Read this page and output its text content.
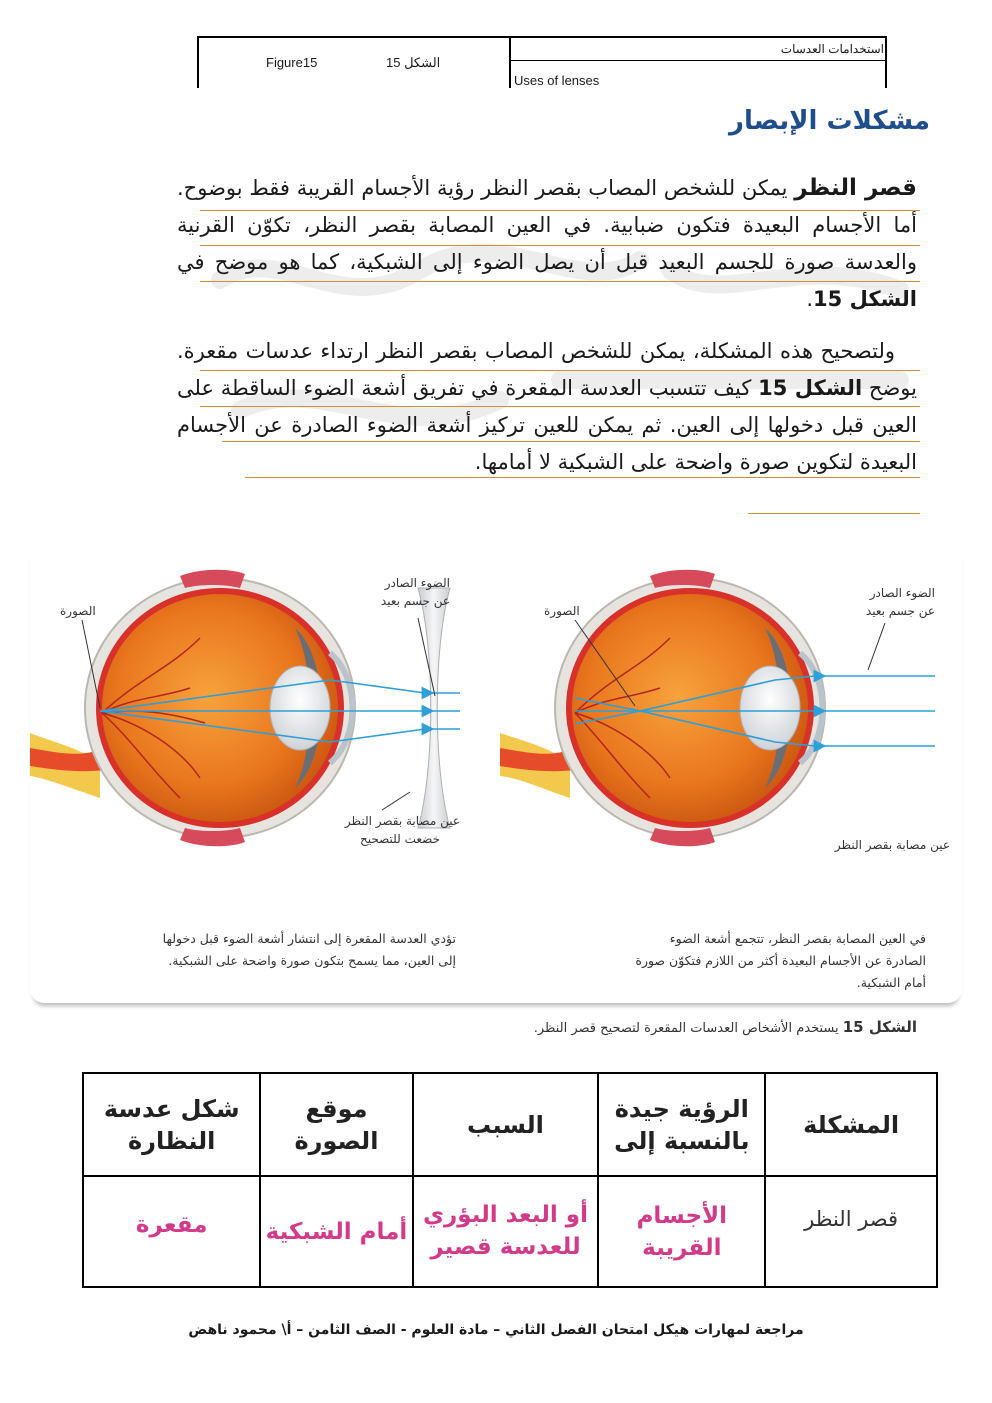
Figure15	الشكل 15
استخدامات العدسات
Uses of lenses
مشكلات الإبصار
قصر النظر يمكن للشخص المصاب بقصر النظر رؤية الأجسام القريبة فقط بوضوح. أما الأجسام البعيدة فتكون ضبابية. في العين المصابة بقصر النظر، تكوّن القرنية والعدسة صورة للجسم البعيد قبل أن يصل الضوء إلى الشبكية، كما هو موضح في الشكل 15.
ولتصحيح هذه المشكلة، يمكن للشخص المصاب بقصر النظر ارتداء عدسات مقعرة. يوضح الشكل 15 كيف تتسبب العدسة المقعرة في تفريق أشعة الضوء الساقطة على العين قبل دخولها إلى العين. ثم يمكن للعين تركيز أشعة الضوء الصادرة عن الأجسام البعيدة لتكوين صورة واضحة على الشبكية لا أمامها.
الصورة
الضوء الصادر
عن جسم بعيد
عين مصابة بقصر النظر
خضعت للتصحيح
الصورة
الضوء الصادر
عن جسم بعيد
عين مصابة بقصر النظر
تؤدي العدسة المقعرة إلى انتشار أشعة الضوء قبل دخولها
إلى العين، مما يسمح بتكون صورة واضحة على الشبكية.
في العين المصابة بقصر النظر، تتجمع أشعة الضوء
الصادرة عن الأجسام البعيدة أكثر من اللازم فتكوّن صورة
أمام الشبكية.
الشكل 15 يستخدم الأشخاص العدسات المقعرة لتصحيح قصر النظر.
المشكلة	الرؤية جيدة بالنسبة إلى	السبب	موقع الصورة	شكل عدسة النظارة
قصر النظر	الأجسام القريبة	أو البعد البؤري للعدسة قصير	أمام الشبكية	مقعرة
مراجعة لمهارات هيكل امتحان الفصل الثاني – مادة العلوم - الصف الثامن – أ\ محمود ناهض
